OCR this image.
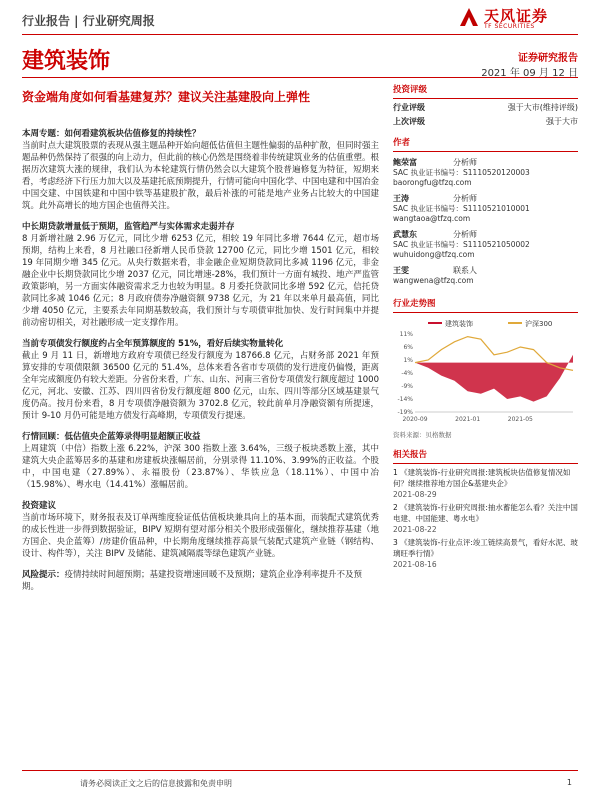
行业报告 | 行业研究周报	天风证券
TF SECURITIES
建筑装饰	证券研究报告
2021 年 09 月 12 日
资金端角度如何看基建复苏？建议关注基建股向上弹性
本周专题：如何看建筑板块估值修复的持续性？
当前时点大建筑股票的表现从强主题品种开始向超低估值但主题性偏弱的品种扩散，但同时强主题品种仍然保持了很强的向上动力，但此前的核心仍然是围绕着非传统建筑业务的估值重塑。根据历次建筑大涨的规律，我们认为本轮建筑行情仍然会以大建筑个股普遍修复为特征，短期来看，考虑经济下行压力加大以及基建托底预期提升，行情可能向中国化学、中国电建和中国冶金中国交建、中国铁建和中国中铁等基建股扩散，最后补涨的可能是地产业务占比较大的中国建筑。此外高增长的地方国企也值得关注。
中长期贷款增量低于预期，监管趋严与实体需求走弱并存
8 月新增社融 2.96 万亿元，同比少增 6253 亿元，相较 19 年同比多增 7644 亿元，超市场预期，结构上来看，8 月社融口径新增人民币贷款 12700 亿元，同比少增 1501 亿元，相较 19 年同期少增 345 亿元。从央行数据来看，非金融企业短期贷款同比多减 1196 亿元，非金融企业中长期贷款同比少增 2037 亿元，同比增速-28%，我们预计一方面有城投、地产严监管政策影响，另一方面实体融资需求乏力也较为明显。8 月委托贷款同比多增 592 亿元，信托贷款同比多减 1046 亿元；8 月政府债券净融资额 9738 亿元，为 21 年以来单月最高值，同比少增 4050 亿元，主要系去年同期基数较高，我们预计与专项债审批加快、发行时间集中并提前动密切相关，对社融形成一定支撑作用。
当前专项债发行额度约占全年预算额度的 51%，看好后续实物量转化
截止 9 月 11 日，新增地方政府专项债已经发行额度为 18766.8 亿元，占财务部 2021 年预算安排的专项债限额 36500 亿元的 51.4%，总体来看各省市专项债的发行进度仍偏慢，距离全年完成额度仍有较大差距。分省份来看，广东、山东、河南三省份专项债发行额度超过 1000 亿元，河北、安徽、江苏、四川四省份发行额度超 800 亿元，山东、四川等部分区域基建景气度仍高。按月份来看，8 月专项债净融资额为 3702.8 亿元，较此前单月净融资额有所提速，预计 9-10 月仍可能是地方债发行高峰期，专项债发行提速。
行情回顾：低估值央企蓝筹录得明显超额正收益
上周建筑（中信）指数上涨 6.22%，沪深 300 指数上涨 3.64%，三级子板块悉数上涨，其中建筑大央企蓝筹居多的基建和房建板块涨幅居前，分别录得 11.10%、3.99%的正收益。个股中，中国电建（27.89%）、永福股份（23.87%）、华铁应急（18.11%）、中国中冶（15.98%）、粤水电（14.41%）涨幅居前。
投资建议
当前市场环境下，财务报表及订单两维度验证低估值板块兼具向上的基本面，而装配式建筑优秀的成长性进一步得到数据验证，BIPV 短期有望对部分相关个股形成强催化，继续推荐基建（地方国企、央企蓝筹）/房建价值品种，中长期角度继续推荐高景气装配式建筑产业链（钢结构、设计、构件等），关注 BIPV 及储能、建筑减隔震等绿色建筑产业链。
风险提示：疫情持续时间超预期；基建投资增速回暖不及预期；建筑企业净利率提升不及预期。
投资评级
行业评级	强于大市(维持评级)
上次评级	强于大市
作者
鲍荣富	分析师
SAC 执业证书编号：S1110520120003
baorongfu@tfzq.com
王涛	分析师
SAC 执业证书编号：S1110521010001
wangtaoa@tfzq.com
武慧东	分析师
SAC 执业证书编号：S1110521050002
wuhuidong@tfzq.com
王雯	联系人
wangwena@tfzq.com
行业走势图
建筑装饰	沪深300
11%
6%
1%
-4%
-9%
-14%
-19%
2020-09	2021-01	2021-05
资料来源：贝格数据
相关报告
1 《建筑装饰-行业研究周报:建筑板块估值修复情况如何？继续推荐地方国企&基建央企》
2021-08-29
2 《建筑装饰-行业研究周报:抽水蓄能怎么看？关注中国电建、中国能建、粤水电》
2021-08-22
3 《建筑装饰-行业点评:竣工链续高景气，看好水泥、玻璃旺季行情》
2021-08-16
请务必阅读正文之后的信息披露和免责申明	1
